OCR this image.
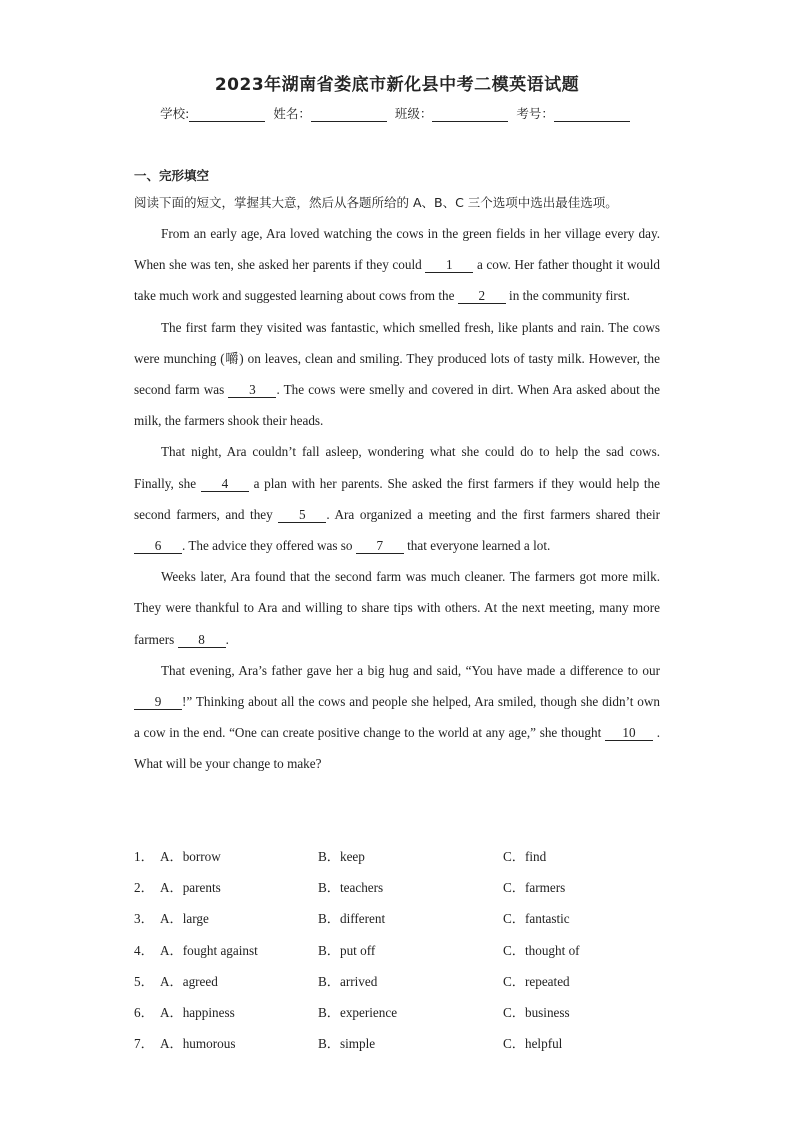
2023年湖南省娄底市新化县中考二模英语试题
学校:	姓名：	班级：	考号：
一、完形填空
阅读下面的短文，掌握其大意，然后从各题所给的 A、B、C 三个选项中选出最佳选项。

From an early age, Ara loved watching the cows in the green fields in her village every day. When she was ten, she asked her parents if they could 1 a cow. Her father thought it would take much work and suggested learning about cows from the 2 in the community first.

The first farm they visited was fantastic, which smelled fresh, like plants and rain. The cows were munching (嚼) on leaves, clean and smiling. They produced lots of tasty milk. However, the second farm was 3 . The cows were smelly and covered in dirt. When Ara asked about the milk, the farmers shook their heads.

That night, Ara couldn’t fall asleep, wondering what she could do to help the sad cows. Finally, she 4 a plan with her parents. She asked the first farmers if they would help the second farmers, and they 5 . Ara organized a meeting and the first farmers shared their 6 . The advice they offered was so 7 that everyone learned a lot.

Weeks later, Ara found that the second farm was much cleaner. The farmers got more milk. They were thankful to Ara and willing to share tips with others. At the next meeting, many more farmers 8 .

That evening, Ara’s father gave her a big hug and said, “You have made a difference to our 9 !” Thinking about all the cows and people she helped, Ara smiled, though she didn’t own a cow in the end. “One can create positive change to the world at any age,” she thought 10 . What will be your change to make?

1． A．borrow	B．keep	C．find
2． A．parents	B．teachers	C．farmers
3． A．large	B．different	C．fantastic
4． A．fought against	B．put off	C．thought of
5． A．agreed	B．arrived	C．repeated
6． A．happiness	B．experience	C．business
7． A．humorous	B．simple	C．helpful
